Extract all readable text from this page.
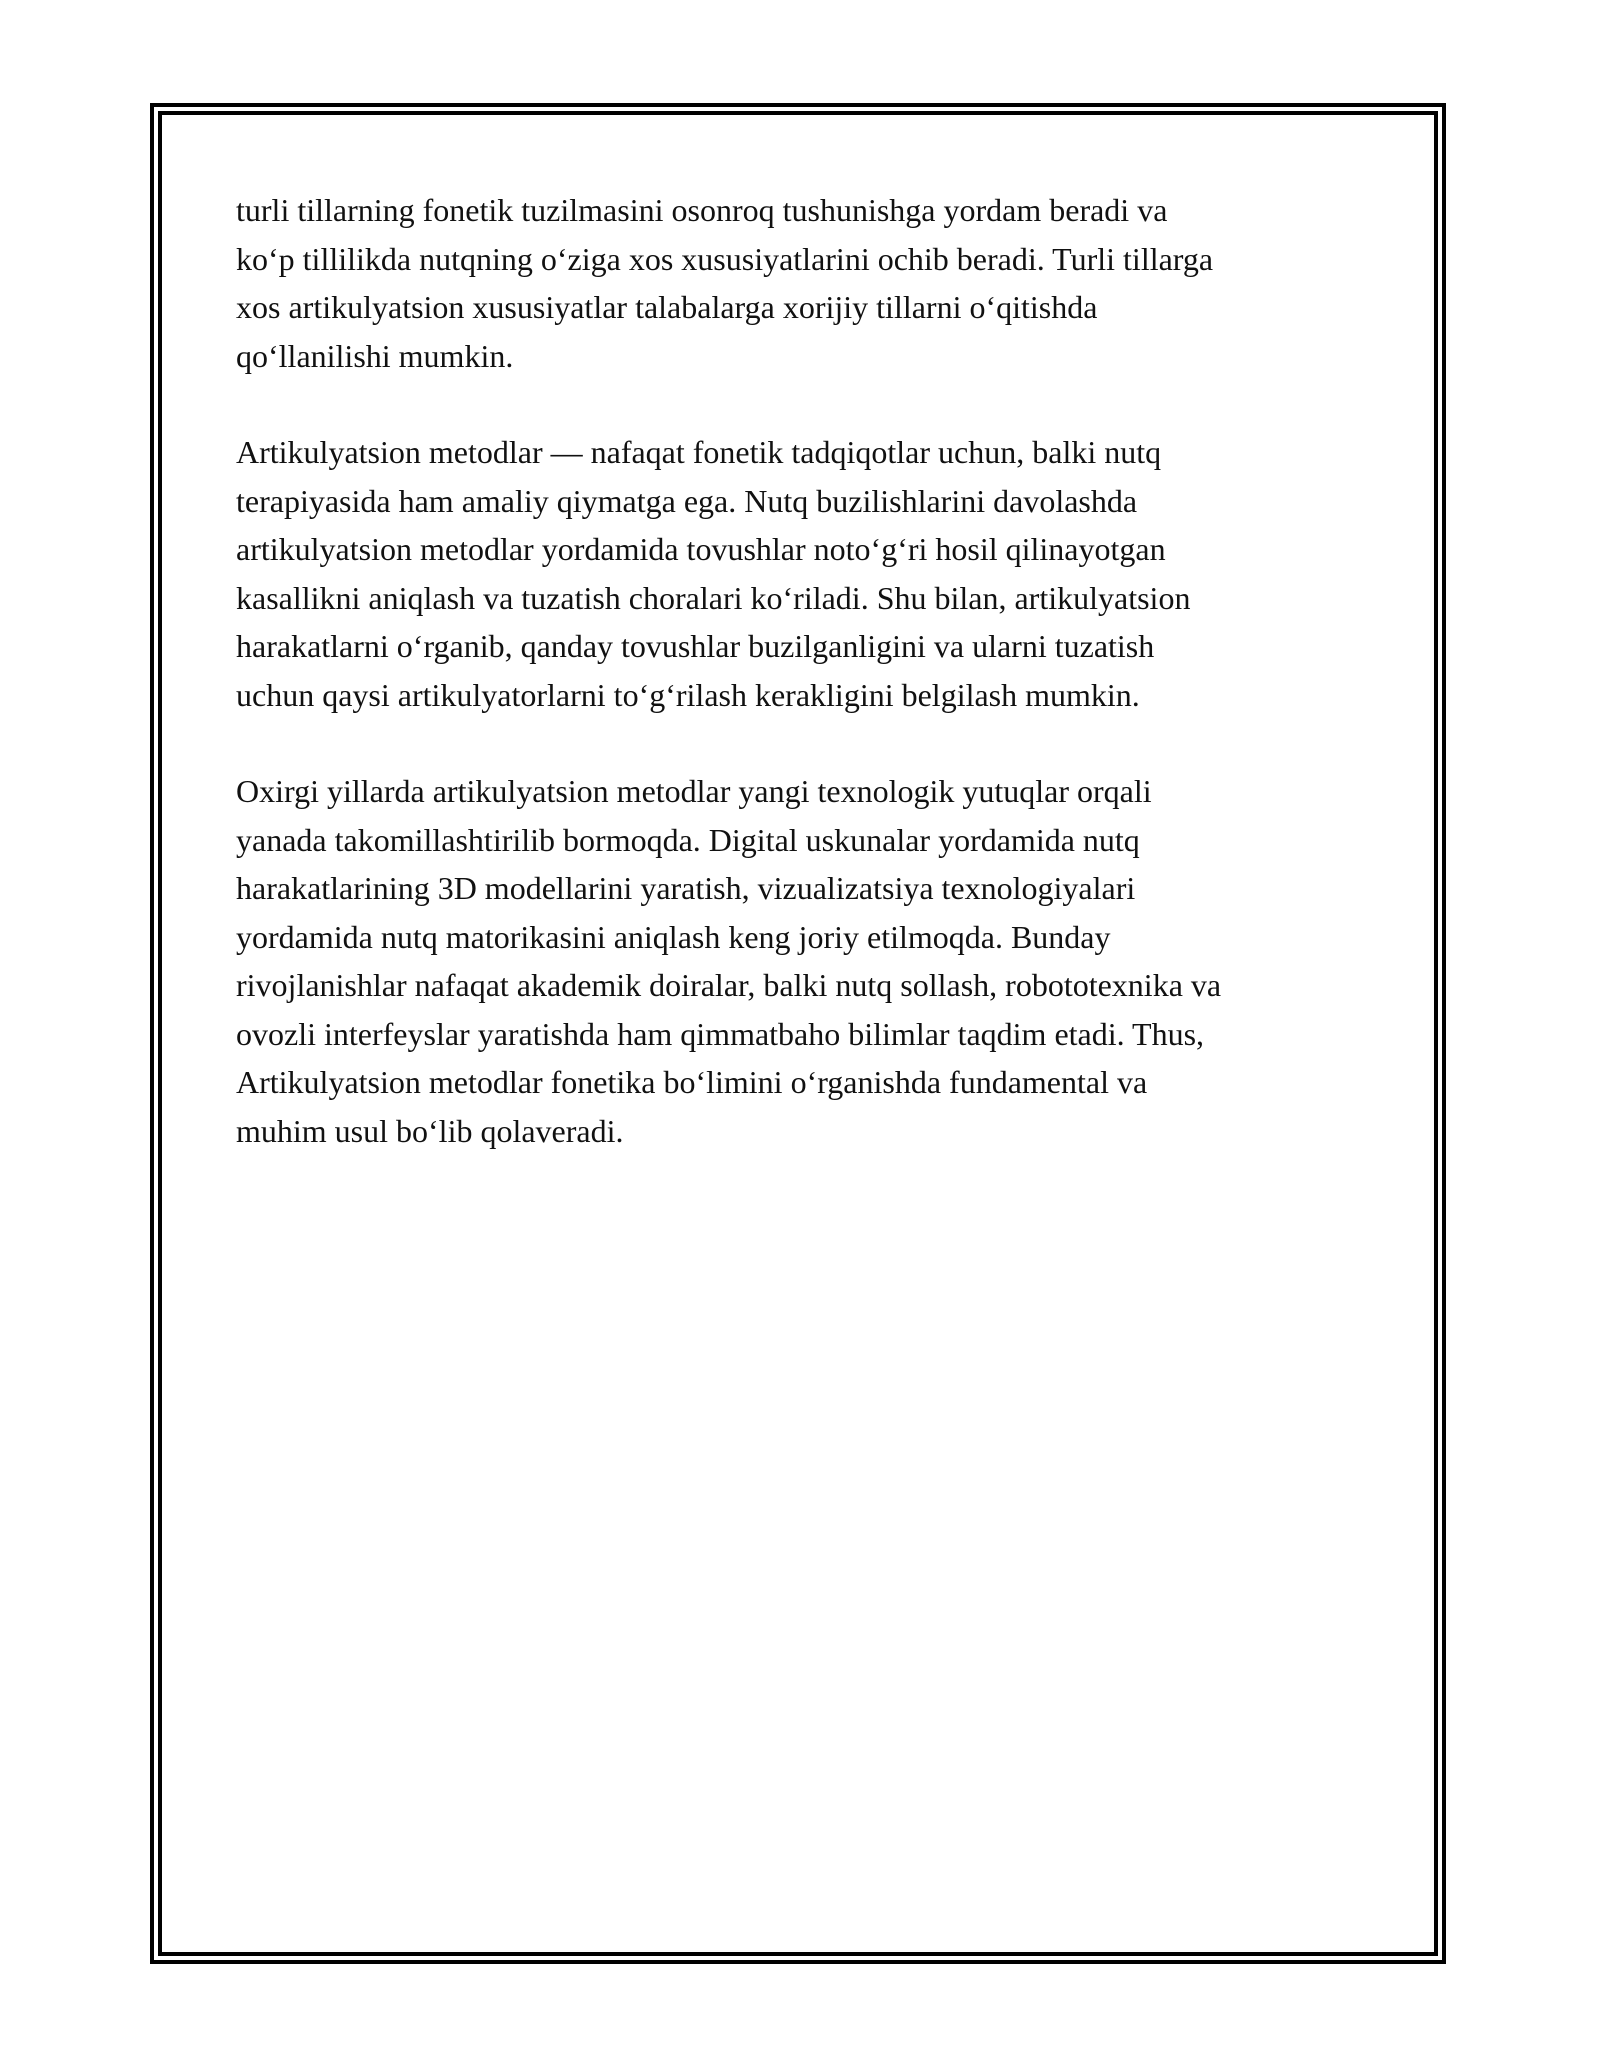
turli tillarning fonetik tuzilmasini osonroq tushunishga yordam beradi va
ko‘p tillilikda nutqning o‘ziga xos xususiyatlarini ochib beradi. Turli tillarga
xos artikulyatsion xususiyatlar talabalarga xorijiy tillarni o‘qitishda
qo‘llanilishi mumkin.

Artikulyatsion metodlar — nafaqat fonetik tadqiqotlar uchun, balki nutq
terapiyasida ham amaliy qiymatga ega. Nutq buzilishlarini davolashda
artikulyatsion metodlar yordamida tovushlar noto‘g‘ri hosil qilinayotgan
kasallikni aniqlash va tuzatish choralari ko‘riladi. Shu bilan, artikulyatsion
harakatlarni o‘rganib, qanday tovushlar buzilganligini va ularni tuzatish
uchun qaysi artikulyatorlarni to‘g‘rilash kerakligini belgilash mumkin.

Oxirgi yillarda artikulyatsion metodlar yangi texnologik yutuqlar orqali
yanada takomillashtirilib bormoqda. Digital uskunalar yordamida nutq
harakatlarining 3D modellarini yaratish, vizualizatsiya texnologiyalari
yordamida nutq matorikasini aniqlash keng joriy etilmoqda. Bunday
rivojlanishlar nafaqat akademik doiralar, balki nutq sollash, robototexnika va
ovozli interfeyslar yaratishda ham qimmatbaho bilimlar taqdim etadi. Thus,
Artikulyatsion metodlar fonetika bo‘limini o‘rganishda fundamental va
muhim usul bo‘lib qolaveradi.
